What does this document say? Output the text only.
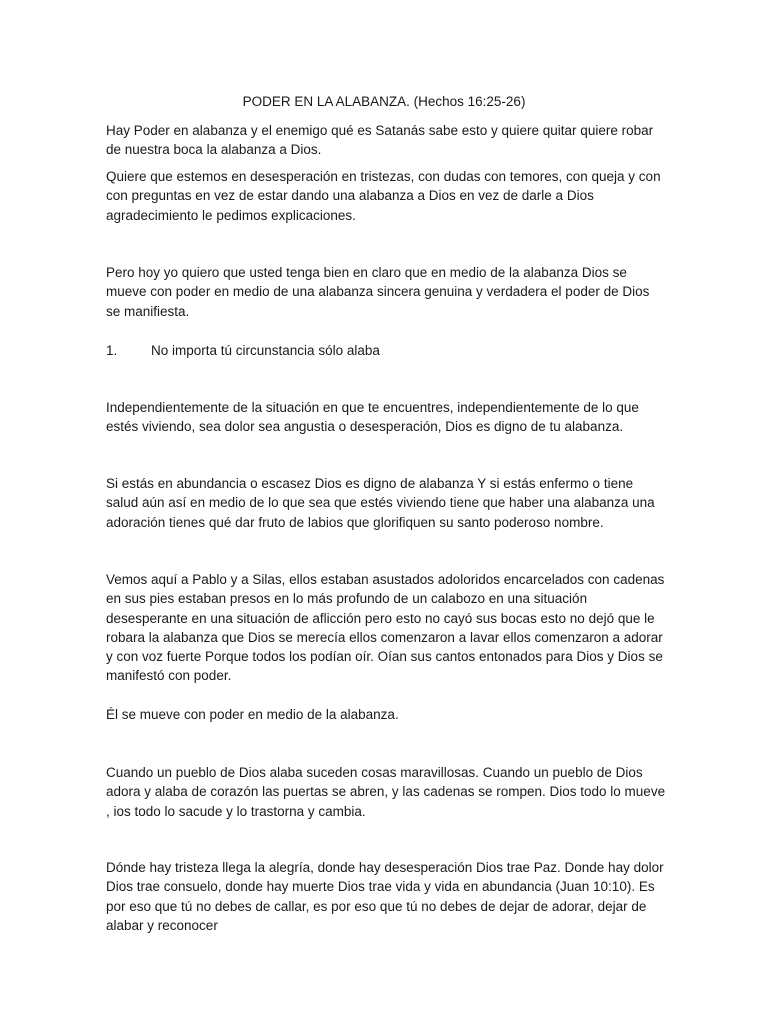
PODER EN LA ALABANZA. (Hechos 16:25-26)

Hay Poder en alabanza y el enemigo qué es Satanás sabe esto y quiere quitar quiere robar de nuestra boca la alabanza a Dios.

Quiere que estemos en desesperación en tristezas, con dudas con temores, con queja y con con preguntas en vez de estar dando una alabanza a Dios en vez de darle a Dios agradecimiento le pedimos explicaciones.

Pero hoy yo quiero que usted tenga bien en claro que en medio de la alabanza Dios se mueve con poder en medio de una alabanza sincera genuina y verdadera el poder de Dios se manifiesta.

1. No importa tú circunstancia sólo alaba

Independientemente de la situación en que te encuentres, independientemente de lo que estés viviendo, sea dolor sea angustia o desesperación, Dios es digno de tu alabanza.

Si estás en abundancia o escasez Dios es digno de alabanza Y si estás enfermo o tiene salud aún así en medio de lo que sea que estés viviendo tiene que haber una alabanza una adoración tienes qué dar fruto de labios que glorifiquen su santo poderoso nombre.

Vemos aquí a Pablo y a Silas, ellos estaban asustados adoloridos encarcelados con cadenas en sus pies estaban presos en lo más profundo de un calabozo en una situación desesperante en una situación de aflicción pero esto no cayó sus bocas esto no dejó que le robara la alabanza que Dios se merecía ellos comenzaron a lavar ellos comenzaron a adorar y con voz fuerte Porque todos los podían oír. Oían sus cantos entonados para Dios y Dios se manifestó con poder.

Él se mueve con poder en medio de la alabanza.

Cuando un pueblo de Dios alaba suceden cosas maravillosas. Cuando un pueblo de Dios adora y alaba de corazón las puertas se abren, y las cadenas se rompen. Dios todo lo mueve , ios todo lo sacude y lo trastorna y cambia.

Dónde hay tristeza llega la alegría, donde hay desesperación Dios trae Paz. Donde hay dolor Dios trae consuelo, donde hay muerte Dios trae vida y vida en abundancia (Juan 10:10). Es por eso que tú no debes de callar, es por eso que tú no debes de dejar de adorar, dejar de alabar y reconocer
